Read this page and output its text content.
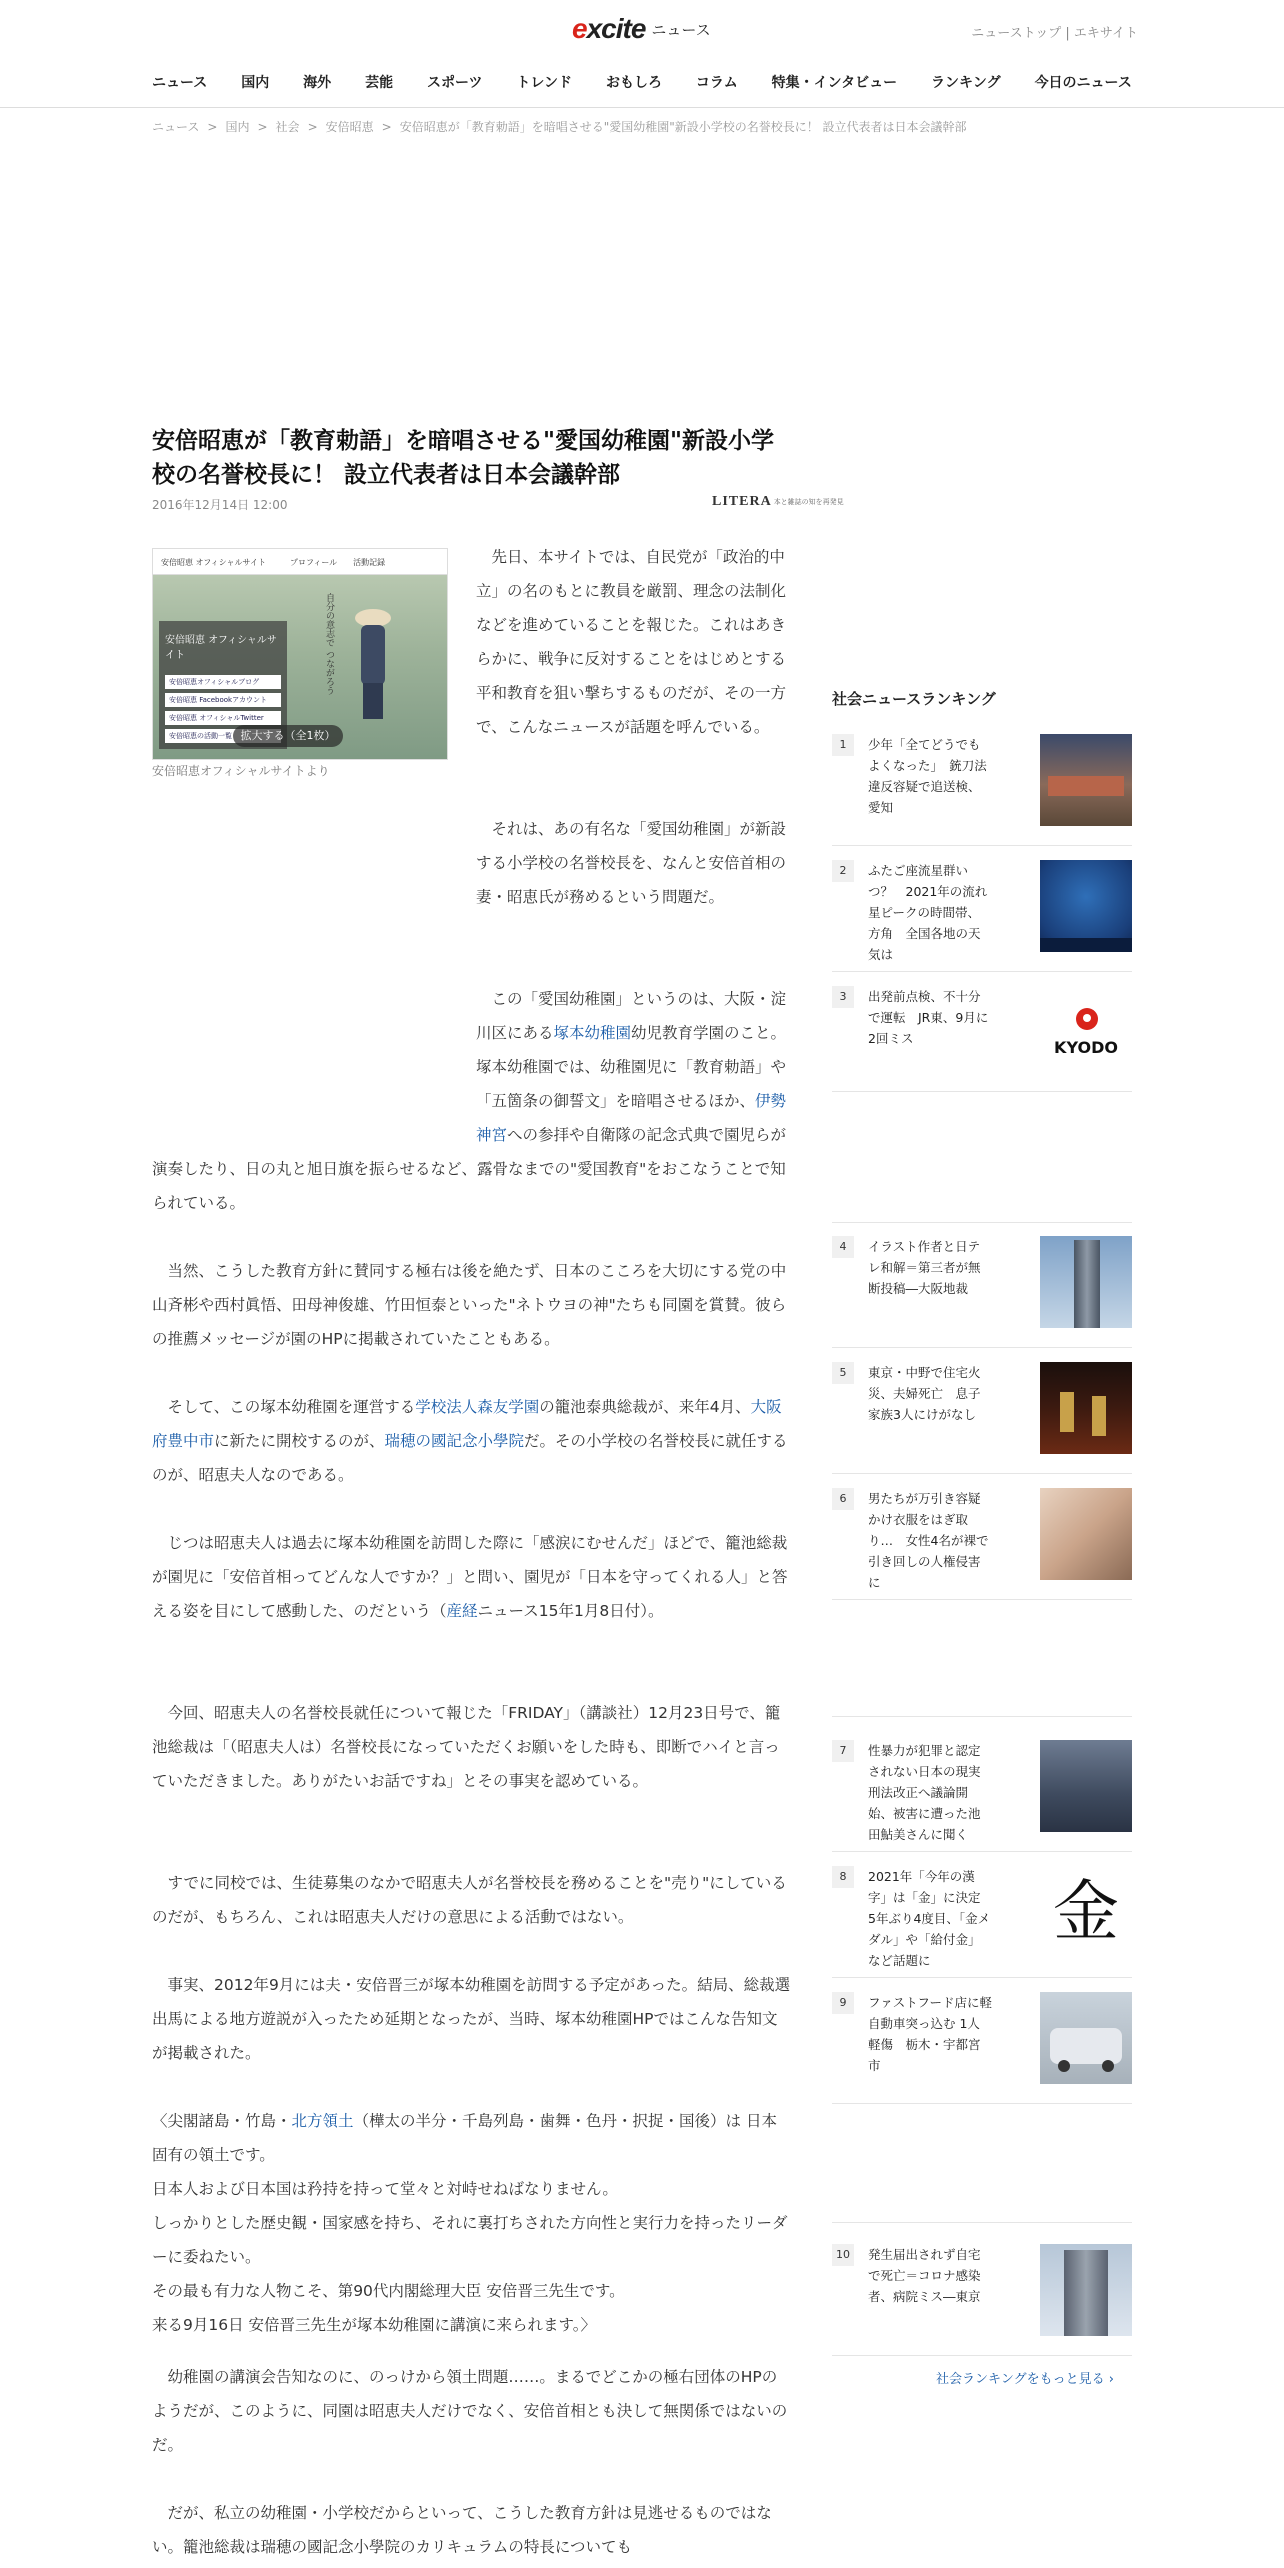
excite ニュース	ニューストップ | エキサイト
ニュース 国内 海外 芸能 スポーツ トレンド おもしろ コラム 特集・インタビュー ランキング 今日のニュース
ニュース > 国内 > 社会 > 安倍昭恵 > 安倍昭恵が「教育勅語」を暗唱させる"愛国幼稚園"新設小学校の名誉校長に！ 設立代表者は日本会議幹部
安倍昭恵が「教育勅語」を暗唱させる"愛国幼稚園"新設小学校の名誉校長に！ 設立代表者は日本会議幹部
2016年12月14日 12:00	LITERA 本と雑誌の知を再発見
安倍昭恵 オフィシャルサイト　　　	プロフィール　　活動記録
自分の意志で つながろう
安倍昭恵 オフィシャルサイト
安倍昭恵オフィシャルブログ
安倍昭恵 Facebookアカウント
安倍昭恵 オフィシャルTwitter
安倍昭恵の活動一覧 拡大する（全1枚）
安倍昭恵オフィシャルサイトより

先日、本サイトでは、自民党が「政治的中立」の名のもとに教員を厳罰、理念の法制化などを進めていることを報じた。これはあきらかに、戦争に反対することをはじめとする平和教育を狙い撃ちするものだが、その一方で、こんなニュースが話題を呼んでいる。

それは、あの有名な「愛国幼稚園」が新設する小学校の名誉校長を、なんと安倍首相の妻・昭恵氏が務めるという問題だ。

この「愛国幼稚園」というのは、大阪・淀川区にある塚本幼稚園幼児教育学園のこと。塚本幼稚園では、幼稚園児に「教育勅語」や「五箇条の御誓文」を暗唱させるほか、伊勢神宮への参拝や自衛隊の記念式典で園児らが演奏したり、日の丸と旭日旗を振らせるなど、露骨なまでの"愛国教育"をおこなうことで知られている。

当然、こうした教育方針に賛同する極右は後を絶たず、日本のこころを大切にする党の中山斉彬や西村眞悟、田母神俊雄、竹田恒泰といった"ネトウヨの神"たちも同園を賞賛。彼らの推薦メッセージが園のHPに掲載されていたこともある。

そして、この塚本幼稚園を運営する学校法人森友学園の籠池泰典総裁が、来年4月、大阪府豊中市に新たに開校するのが、瑞穂の國記念小學院だ。その小学校の名誉校長に就任するのが、昭恵夫人なのである。

じつは昭恵夫人は過去に塚本幼稚園を訪問した際に「感涙にむせんだ」ほどで、籠池総裁が園児に「安倍首相ってどんな人ですか？」と問い、園児が「日本を守ってくれる人」と答える姿を目にして感動した、のだという（産経ニュース15年1月8日付）。

今回、昭恵夫人の名誉校長就任について報じた「FRIDAY」（講談社）12月23日号で、籠池総裁は「（昭恵夫人は）名誉校長になっていただくお願いをした時も、即断でハイと言っていただきました。ありがたいお話ですね」とその事実を認めている。

すでに同校では、生徒募集のなかで昭恵夫人が名誉校長を務めることを"売り"にしているのだが、もちろん、これは昭恵夫人だけの意思による活動ではない。

事実、2012年9月には夫・安倍晋三が塚本幼稚園を訪問する予定があった。結局、総裁選出馬による地方遊説が入ったため延期となったが、当時、塚本幼稚園HPではこんな告知文が掲載された。

〈尖閣諸島・竹島・北方領土（樺太の半分・千島列島・歯舞・色丹・択捉・国後）は 日本固有の領土です。
日本人および日本国は矜持を持って堂々と対峙せねばなりません。
しっかりとした歴史観・国家感を持ち、それに裏打ちされた方向性と実行力を持ったリーダーに委ねたい。
その最も有力な人物こそ、第90代内閣総理大臣 安倍晋三先生です。
来る9月16日 安倍晋三先生が塚本幼稚園に講演に来られます。〉

幼稚園の講演会告知なのに、のっけから領土問題……。まるでどこかの極右団体のHPのようだが、このように、同園は昭恵夫人だけでなく、安倍首相とも決して無関係ではないのだ。

だが、私立の幼稚園・小学校だからといって、こうした教育方針は見逃せるものではない。籠池総裁は瑞穂の國記念小學院のカリキュラムの特長についても

社会ニュースランキング
1	少年「全てどうでもよくなった」　銃刀法違反容疑で追送検、愛知
2	ふたご座流星群いつ？　2021年の流れ星ピークの時間帯、方角　全国各地の天気は
3	出発前点検、不十分で運転　JR東、9月に2回ミス	KYODO
4	イラスト作者と日テレ和解＝第三者が無断投稿―大阪地裁
5	東京・中野で住宅火災、夫婦死亡　息子家族3人にけがなし
6	男たちが万引き容疑かけ衣服をはぎ取り…　女性4名が裸で引き回しの人権侵害に
7	性暴力が犯罪と認定されない日本の現実　刑法改正へ議論開始、被害に遭った池田鮎美さんに聞く
8	2021年「今年の漢字」は「金」に決定　5年ぶり4度目、「金メダル」や「給付金」など話題に
金
9	ファストフード店に軽自動車突っ込む 1人軽傷　栃木・宇都宮市
10	発生届出されず自宅で死亡＝コロナ感染者、病院ミス―東京
社会ランキングをもっと見る ›
